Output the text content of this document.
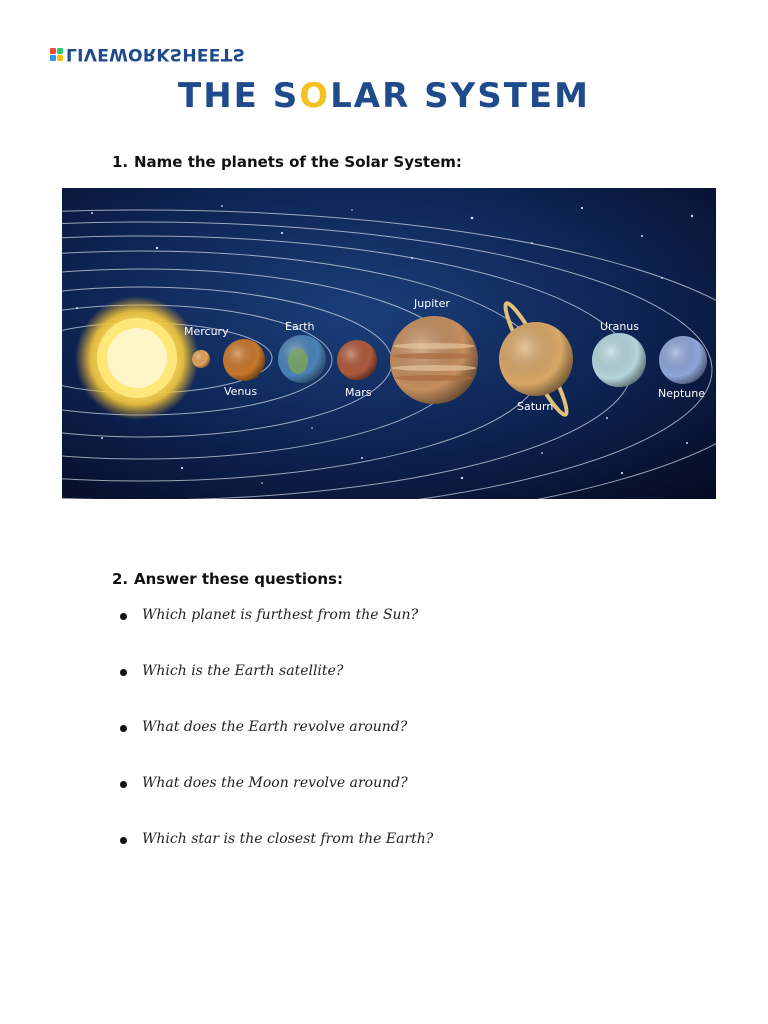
LIVEWORKSHEETS
THE SOLAR SYSTEM
1. Name the planets of the Solar System:
Mercury
Venus
Earth
Mars
Jupiter
Saturn
Uranus
Neptune
2. Answer these questions:
Which planet is furthest from the Sun?
Which is the Earth satellite?
What does the Earth revolve around?
What does the Moon revolve around?
Which star is the closest from the Earth?
